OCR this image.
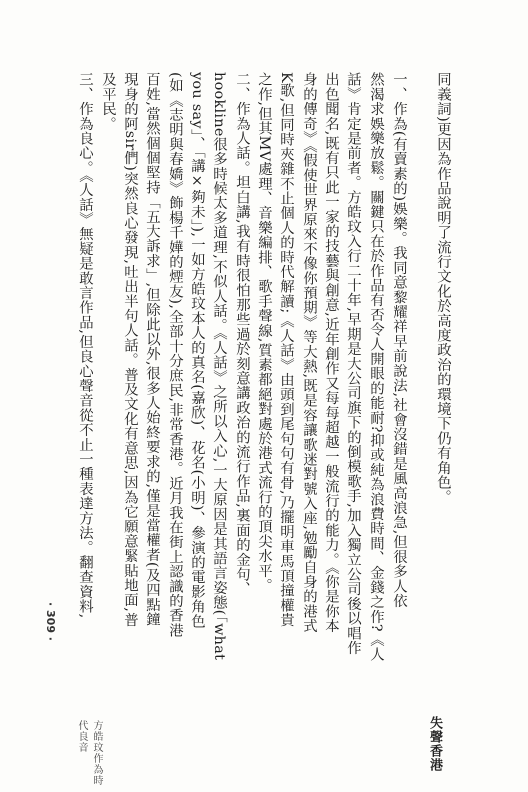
同義詞)更因為作品說明了流行文化於高度政治的環境下仍有角色。
一、作為(有賣素的)娛樂。我同意黎耀祥早前說法,社會沒錯是風高浪急,但很多人依
然渴求娛樂放鬆。關鍵只在於作品有否令人開眼的能耐?抑或純為浪費時間、金錢之作?《人
話》肯定是前者。方皓玟入行二十年,早期是大公司旗下的倒模歌手,加入獨立公司後以唱作
出色聞名,既有只此一家的技藝與創意,近年創作又每每超越一般流行的能力。《你是你本
身的傳奇》《假使世界原來不像你預期》等大熱,既是容讓歌迷對號入座,勉勵自身的港式
K歌,但同時夾雜不止個人的時代解讀;《人話》由頭到尾句句有骨,乃擺明車馬頂撞權貴
之作,但其MV處理、音樂編排、歌手聲線,質素都絕對處於港式流行的頂尖水平。
二、作為人話。坦白講,我有時很怕那些過於刻意講政治的流行作品,裏面的金句、
hookline很多時候太多道理,不似人話。《人話》之所以入心,一大原因是其語言姿態(「what
you say」、「講×夠未」),一如方皓玟本人的真名(嘉欣)、花名(小明)、參演的電影角色
(如《志明與春嬌》飾楊千嬅的煙友),全部十分庶民,非常香港。近月我在街上認識的香港
百姓,當然個個堅持「五大訴求」,但除此以外,很多人始終要求的,僅是當權者(及四點鐘
現身的阿sir們)突然良心發現,吐出半句人話。普及文化有意思,因為它願意緊貼地面,普
及平民。
三、作為良心。《人話》無疑是敢言作品,但良心聲音從不止一種表達方法。翻查資料,
· 309 ·
失聲香港
方皓玟作為時代良音
